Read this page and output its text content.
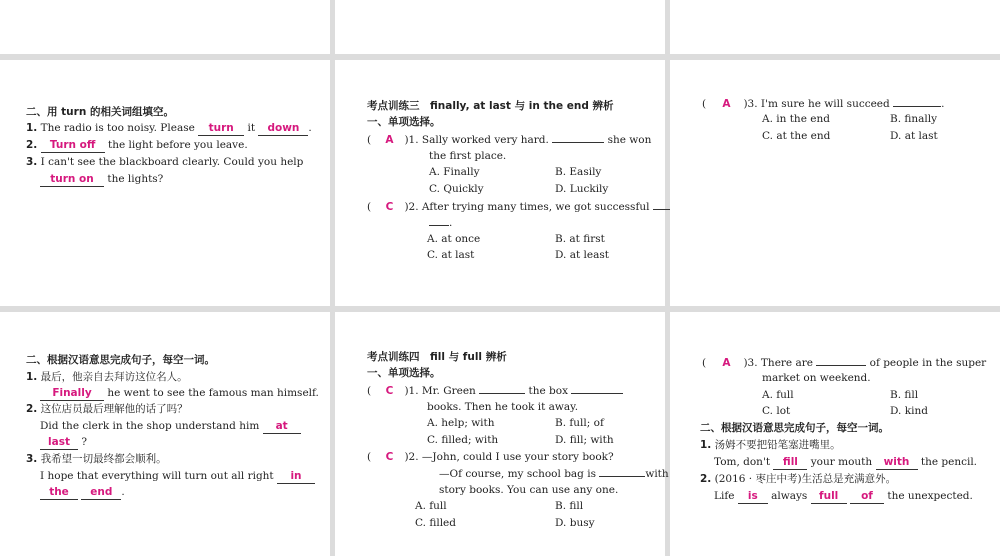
二、用 turn 的相关词组填空。
1. The radio is too noisy. Please turn it down .
2. Turn off the light before you leave.
3. I can't see the blackboard clearly. Could you help
turn on the lights?
考点训练三　finally, at last 与 in the end 辨析
一、单项选择。
( A )1. Sally worked very hard.	she won
the first place.
A. Finally	B. Easily
C. Quickly	D. Luckily
( C )2. After trying many times, we got successful
.
A. at once	B. at first
C. at last	D. at least
( A )3. I'm sure he will succeed	.
A. in the end	B. finally
C. at the end	D. at last
二、根据汉语意思完成句子，每空一词。
1. 最后，他亲自去拜访这位名人。
Finally he went to see the famous man himself.
2. 这位店员最后理解他的话了吗？
Did the clerk in the shop understand him at
last ?
3. 我希望一切最终都会顺利。
I hope that everything will turn out all right in
the end .
考点训练四　fill 与 full 辨析
一、单项选择。
( C )1. Mr. Green	the box
books. Then he took it away.
A. help; with	B. full; of
C. filled; with	D. fill; with
( C )2. —John, could I use your story book?
—Of course, my school bag is	with
story books. You can use any one.
A. full	B. fill
C. filled	D. busy
( A )3. There are	of people in the super
market on weekend.
A. full	B. fill
C. lot	D. kind
二、根据汉语意思完成句子，每空一词。
1. 汤姆不要把铅笔塞进嘴里。
Tom, don't fill your mouth with the pencil.
2. (2016 · 枣庄中考)生活总是充满意外。
Life is always full of the unexpected.
